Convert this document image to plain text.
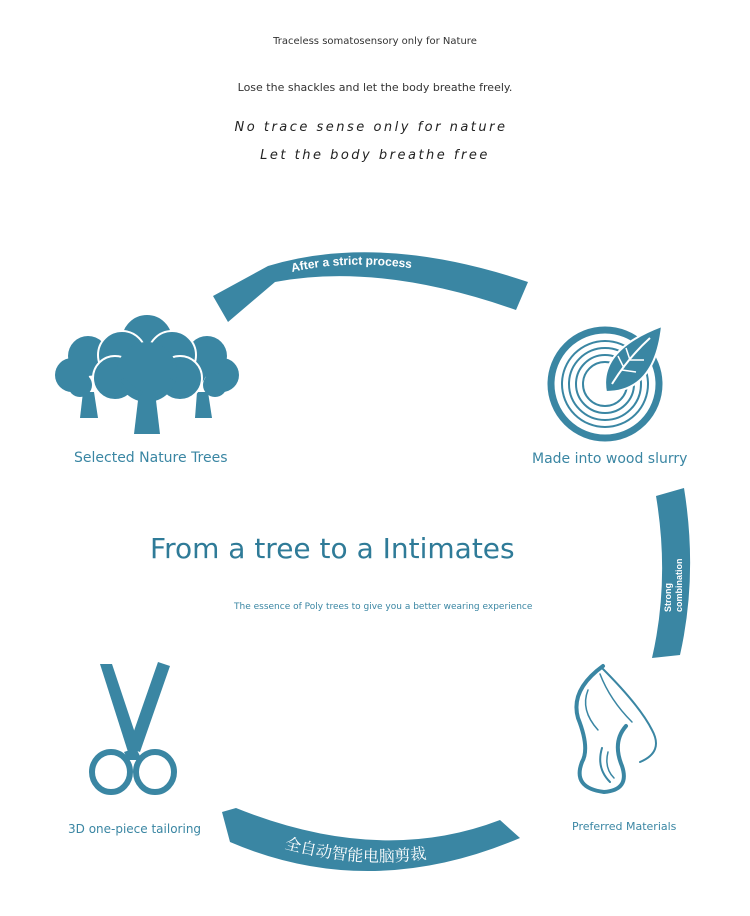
Traceless somatosensory only for Nature
Lose the shackles and let the body breathe freely.
No trace sense only for nature
Let the body breathe free
After a strict process
Strong combination
全自动智能电脑剪裁
Selected Nature Trees	Made into wood slurry
Preferred Materials
3D one-piece tailoring
From a tree to a Intimates
The essence of Poly trees to give you a better wearing experience
